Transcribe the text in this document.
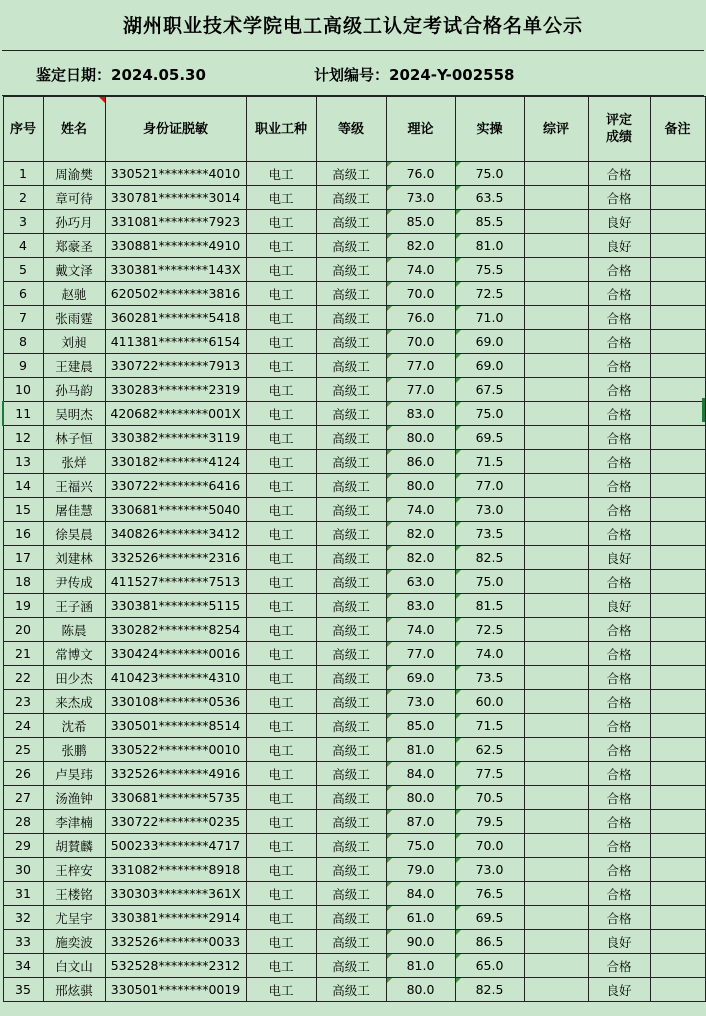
湖州职业技术学院电工高级工认定考试合格名单公示
鉴定日期：2024.05.30	计划编号：2024-Y-002558
序号	姓名	身份证脱敏	职业工种	等级	理论	实操	综评	评定成绩	备注
1	周渝樊	330521********4010	电工	高级工	76.0	75.0		合格	
2	章可待	330781********3014	电工	高级工	73.0	63.5		合格	
3	孙巧月	331081********7923	电工	高级工	85.0	85.5		良好	
4	郑豪圣	330881********4910	电工	高级工	82.0	81.0		良好	
5	戴文泽	330381********143X	电工	高级工	74.0	75.5		合格	
6	赵驰	620502********3816	电工	高级工	70.0	72.5		合格	
7	张雨霆	360281********5418	电工	高级工	76.0	71.0		合格	
8	刘昶	411381********6154	电工	高级工	70.0	69.0		合格	
9	王建晨	330722********7913	电工	高级工	77.0	69.0		合格	
10	孙马韵	330283********2319	电工	高级工	77.0	67.5		合格	
11	吴明杰	420682********001X	电工	高级工	83.0	75.0		合格	
12	林子恒	330382********3119	电工	高级工	80.0	69.5		合格	
13	张烊	330182********4124	电工	高级工	86.0	71.5		合格	
14	王福兴	330722********6416	电工	高级工	80.0	77.0		合格	
15	屠佳慧	330681********5040	电工	高级工	74.0	73.0		合格	
16	徐昊晨	340826********3412	电工	高级工	82.0	73.5		合格	
17	刘建林	332526********2316	电工	高级工	82.0	82.5		良好	
18	尹传成	411527********7513	电工	高级工	63.0	75.0		合格	
19	王子涵	330381********5115	电工	高级工	83.0	81.5		良好	
20	陈晨	330282********8254	电工	高级工	74.0	72.5		合格	
21	常博文	330424********0016	电工	高级工	77.0	74.0		合格	
22	田少杰	410423********4310	电工	高级工	69.0	73.5		合格	
23	来杰成	330108********0536	电工	高级工	73.0	60.0		合格	
24	沈希	330501********8514	电工	高级工	85.0	71.5		合格	
25	张鹏	330522********0010	电工	高级工	81.0	62.5		合格	
26	卢昊玮	332526********4916	电工	高级工	84.0	77.5		合格	
27	汤渔钟	330681********5735	电工	高级工	80.0	70.5		合格	
28	李津楠	330722********0235	电工	高级工	87.0	79.5		合格	
29	胡賛麟	500233********4717	电工	高级工	75.0	70.0		合格	
30	王梓安	331082********8918	电工	高级工	79.0	73.0		合格	
31	王楼铭	330303********361X	电工	高级工	84.0	76.5		合格	
32	尤呈宇	330381********2914	电工	高级工	61.0	69.5		合格	
33	施奕波	332526********0033	电工	高级工	90.0	86.5		良好	
34	白文山	532528********2312	电工	高级工	81.0	65.0		合格	
35	邢炫骐	330501********0019	电工	高级工	80.0	82.5		良好	
